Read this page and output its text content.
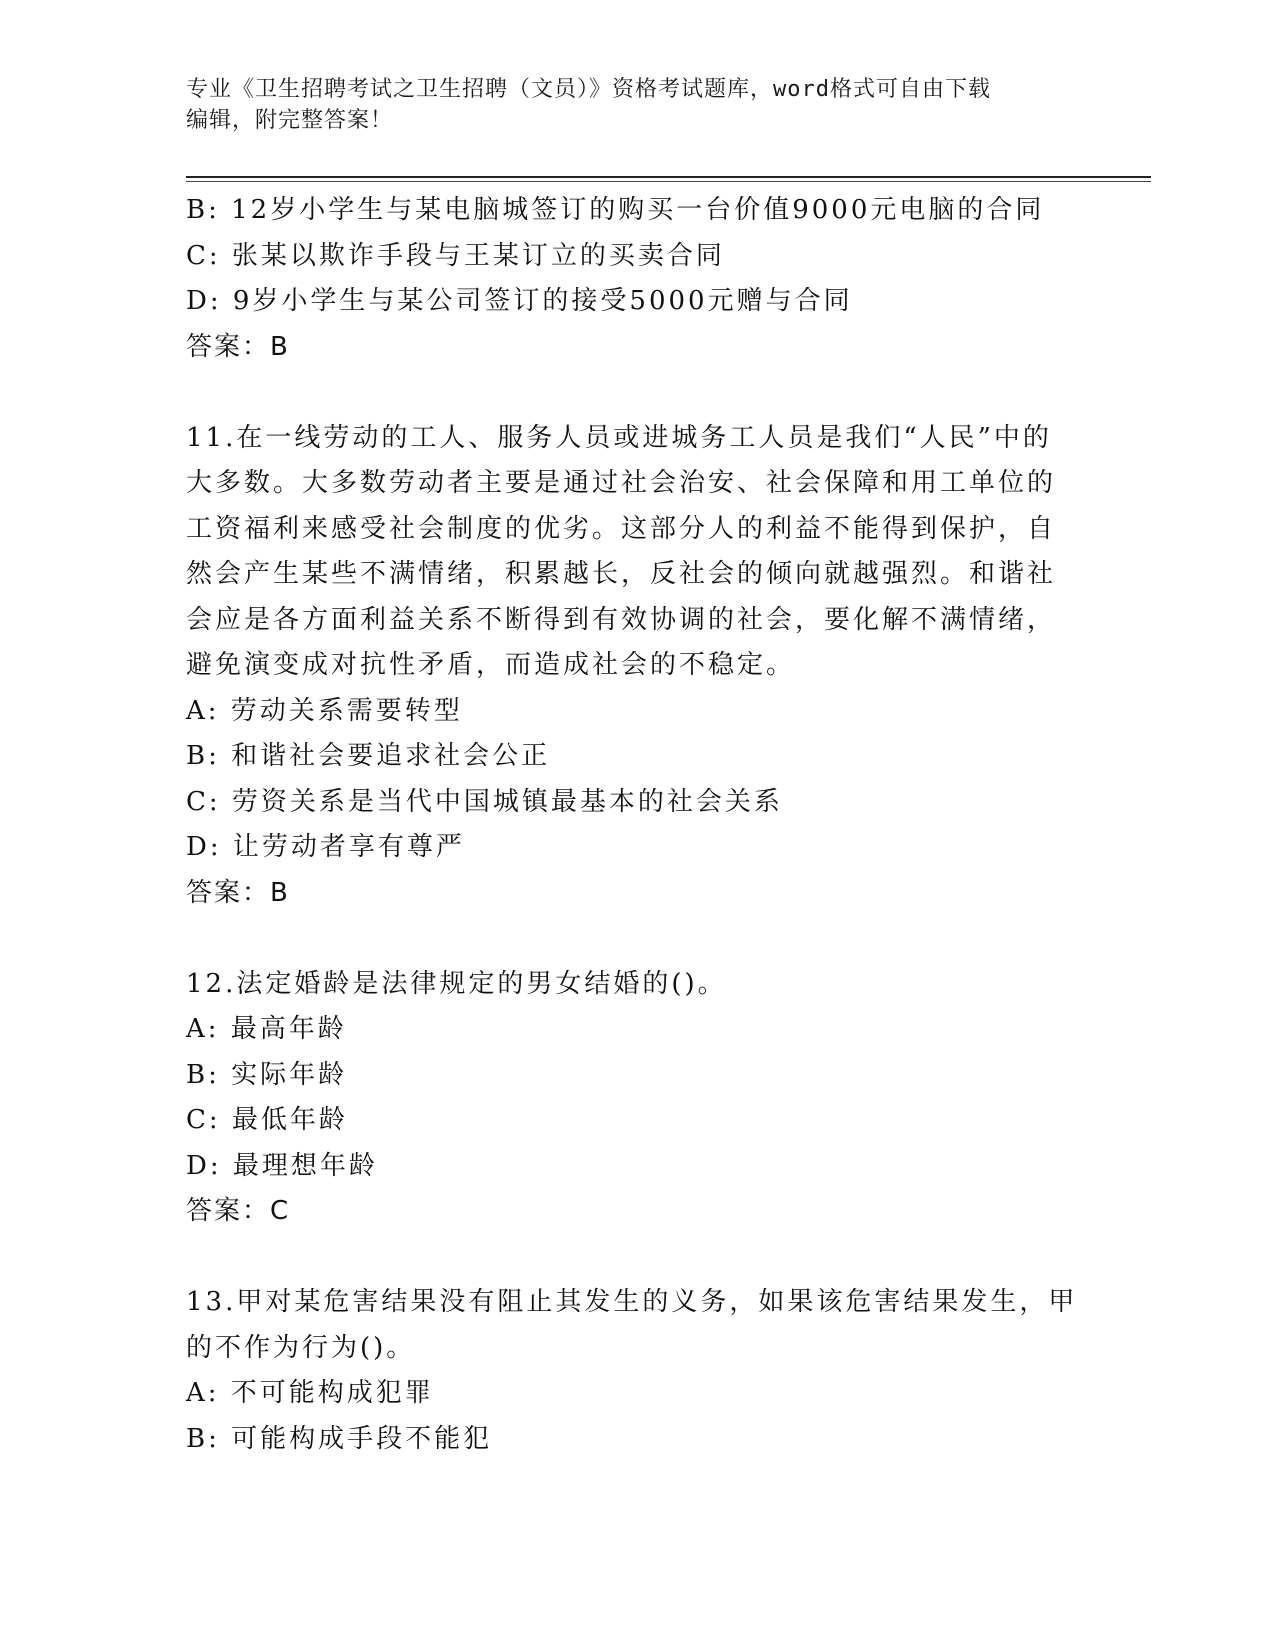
专业《卫生招聘考试之卫生招聘（文员）》资格考试题库，word格式可自由下载
编辑，附完整答案！
B: 12岁小学生与某电脑城签订的购买一台价值9000元电脑的合同
C: 张某以欺诈手段与王某订立的买卖合同
D: 9岁小学生与某公司签订的接受5000元赠与合同
答案：B
11.在一线劳动的工人、服务人员或进城务工人员是我们“人民”中的
大多数。大多数劳动者主要是通过社会治安、社会保障和用工单位的
工资福利来感受社会制度的优劣。这部分人的利益不能得到保护，自
然会产生某些不满情绪，积累越长，反社会的倾向就越强烈。和谐社
会应是各方面利益关系不断得到有效协调的社会，要化解不满情绪，
避免演变成对抗性矛盾，而造成社会的不稳定。
A: 劳动关系需要转型
B: 和谐社会要追求社会公正
C: 劳资关系是当代中国城镇最基本的社会关系
D: 让劳动者享有尊严
答案：B
12.法定婚龄是法律规定的男女结婚的()。
A: 最高年龄
B: 实际年龄
C: 最低年龄
D: 最理想年龄
答案：C
13.甲对某危害结果没有阻止其发生的义务，如果该危害结果发生，甲
的不作为行为()。
A: 不可能构成犯罪
B: 可能构成手段不能犯
